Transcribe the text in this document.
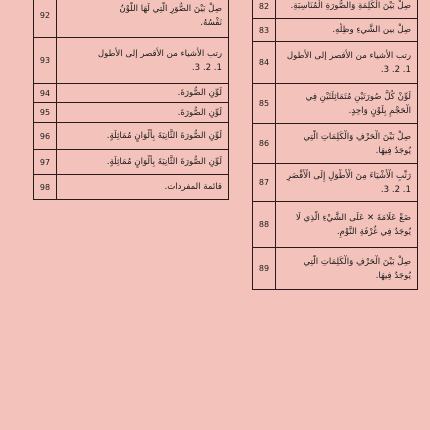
92
صِلْ بَيْنَ الصُّوَرِ الَّتِي لَهَا اللَّوْنُ
نَفْسُهُ.
93
رتب الأشياء من الأقصر إلى الأطول
1. 2. 3.
94	لَوِّنِ الصُّورَةَ.
95	لَوِّنِ الصُّورَةَ.
96	لَوِّنِ الصُّورَةَ الثَّانِيَةَ بِأَلْوَانٍ مُمَاثِلَةٍ.
97	لَوِّنِ الصُّورَةَ الثَّانِيَةَ بِأَلْوَانٍ مُمَاثِلَةٍ.
98	قائمة المفردات.
82	صِلْ بَيْنَ الْكَلِمَةِ وَالصُّورَةِ الْمُنَاسِبَةِ.
83	صِلْ بين الشَّيءِ وظِلِّهِ.
84
رتب الأشياء من الأقصر إلى الأطول
1. 2. 3.
85
لَوِّنْ كُلَّ صُورَتَيْنِ مُتَمَاثِلَتَيْنِ فِي
الْحَجْمِ بِلَوْنٍ وَاحِدٍ.
86
صِلْ بَيْنَ الْحَرْفِ وَالْكَلِمَاتِ الَّتِي
يُوجَدُ فِيهَا.
87
رَتِّبِ الْأَشْيَاءَ مِنَ الْأَطْوَلِ إِلَى الْأَقْصَرِ
1. 2. 3.
88
ضَعْ عَلَامَةَ ✕ عَلَى الشَّيْءِ الَّذِي لَا
يُوجَدُ فِي غُرْفَةِ النَّوْمِ.
89
صِلْ بَيْنَ الْحَرْفِ وَالْكَلِمَاتِ الَّتِي
يُوجَدُ فِيهَا.
